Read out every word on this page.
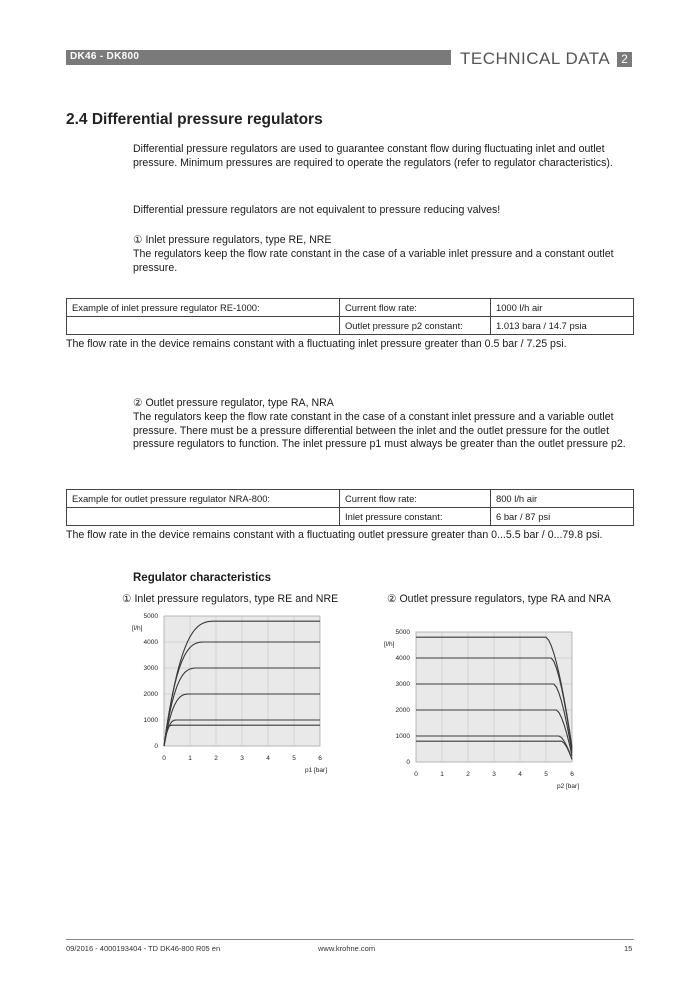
DK46 - DK800	TECHNICAL DATA 2
2.4 Differential pressure regulators

Differential pressure regulators are used to guarantee constant flow during fluctuating inlet and outlet pressure. Minimum pressures are required to operate the regulators (refer to regulator characteristics).

Differential pressure regulators are not equivalent to pressure reducing valves!

① Inlet pressure regulators, type RE, NRE

The regulators keep the flow rate constant in the case of a variable inlet pressure and a constant outlet pressure.

Example of inlet pressure regulator RE-1000:	Current flow rate:	1000 l/h air
	Outlet pressure p2 constant:	1.013 bara / 14.7 psia

The flow rate in the device remains constant with a fluctuating inlet pressure greater than 0.5 bar / 7.25 psi.

② Outlet pressure regulator, type RA, NRA

The regulators keep the flow rate constant in the case of a constant inlet pressure and a variable outlet pressure. There must be a pressure differential between the inlet and the outlet pressure for the outlet pressure regulators to function. The inlet pressure p1 must always be greater than the outlet pressure p2.

Example for outlet pressure regulator NRA-800:	Current flow rate:	800 l/h air
	Inlet pressure constant:	6 bar / 87 psi

The flow rate in the device remains constant with a fluctuating outlet pressure greater than 0...5.5 bar / 0...79.8 psi.

Regulator characteristics

① Inlet pressure regulators, type RE and NRE	② Outlet pressure regulators, type RA and NRA

0	1	2	3	4	5	6
0
1000
2000
3000
4000
5000
[l/h]
p1 [bar]
0	1	2	3	4	5	6
0
1000
2000
3000
4000
5000
[l/h]
p2 [bar]
09/2016 - 4000193404 - TD DK46-800 R05 en	www.krohne.com	15
